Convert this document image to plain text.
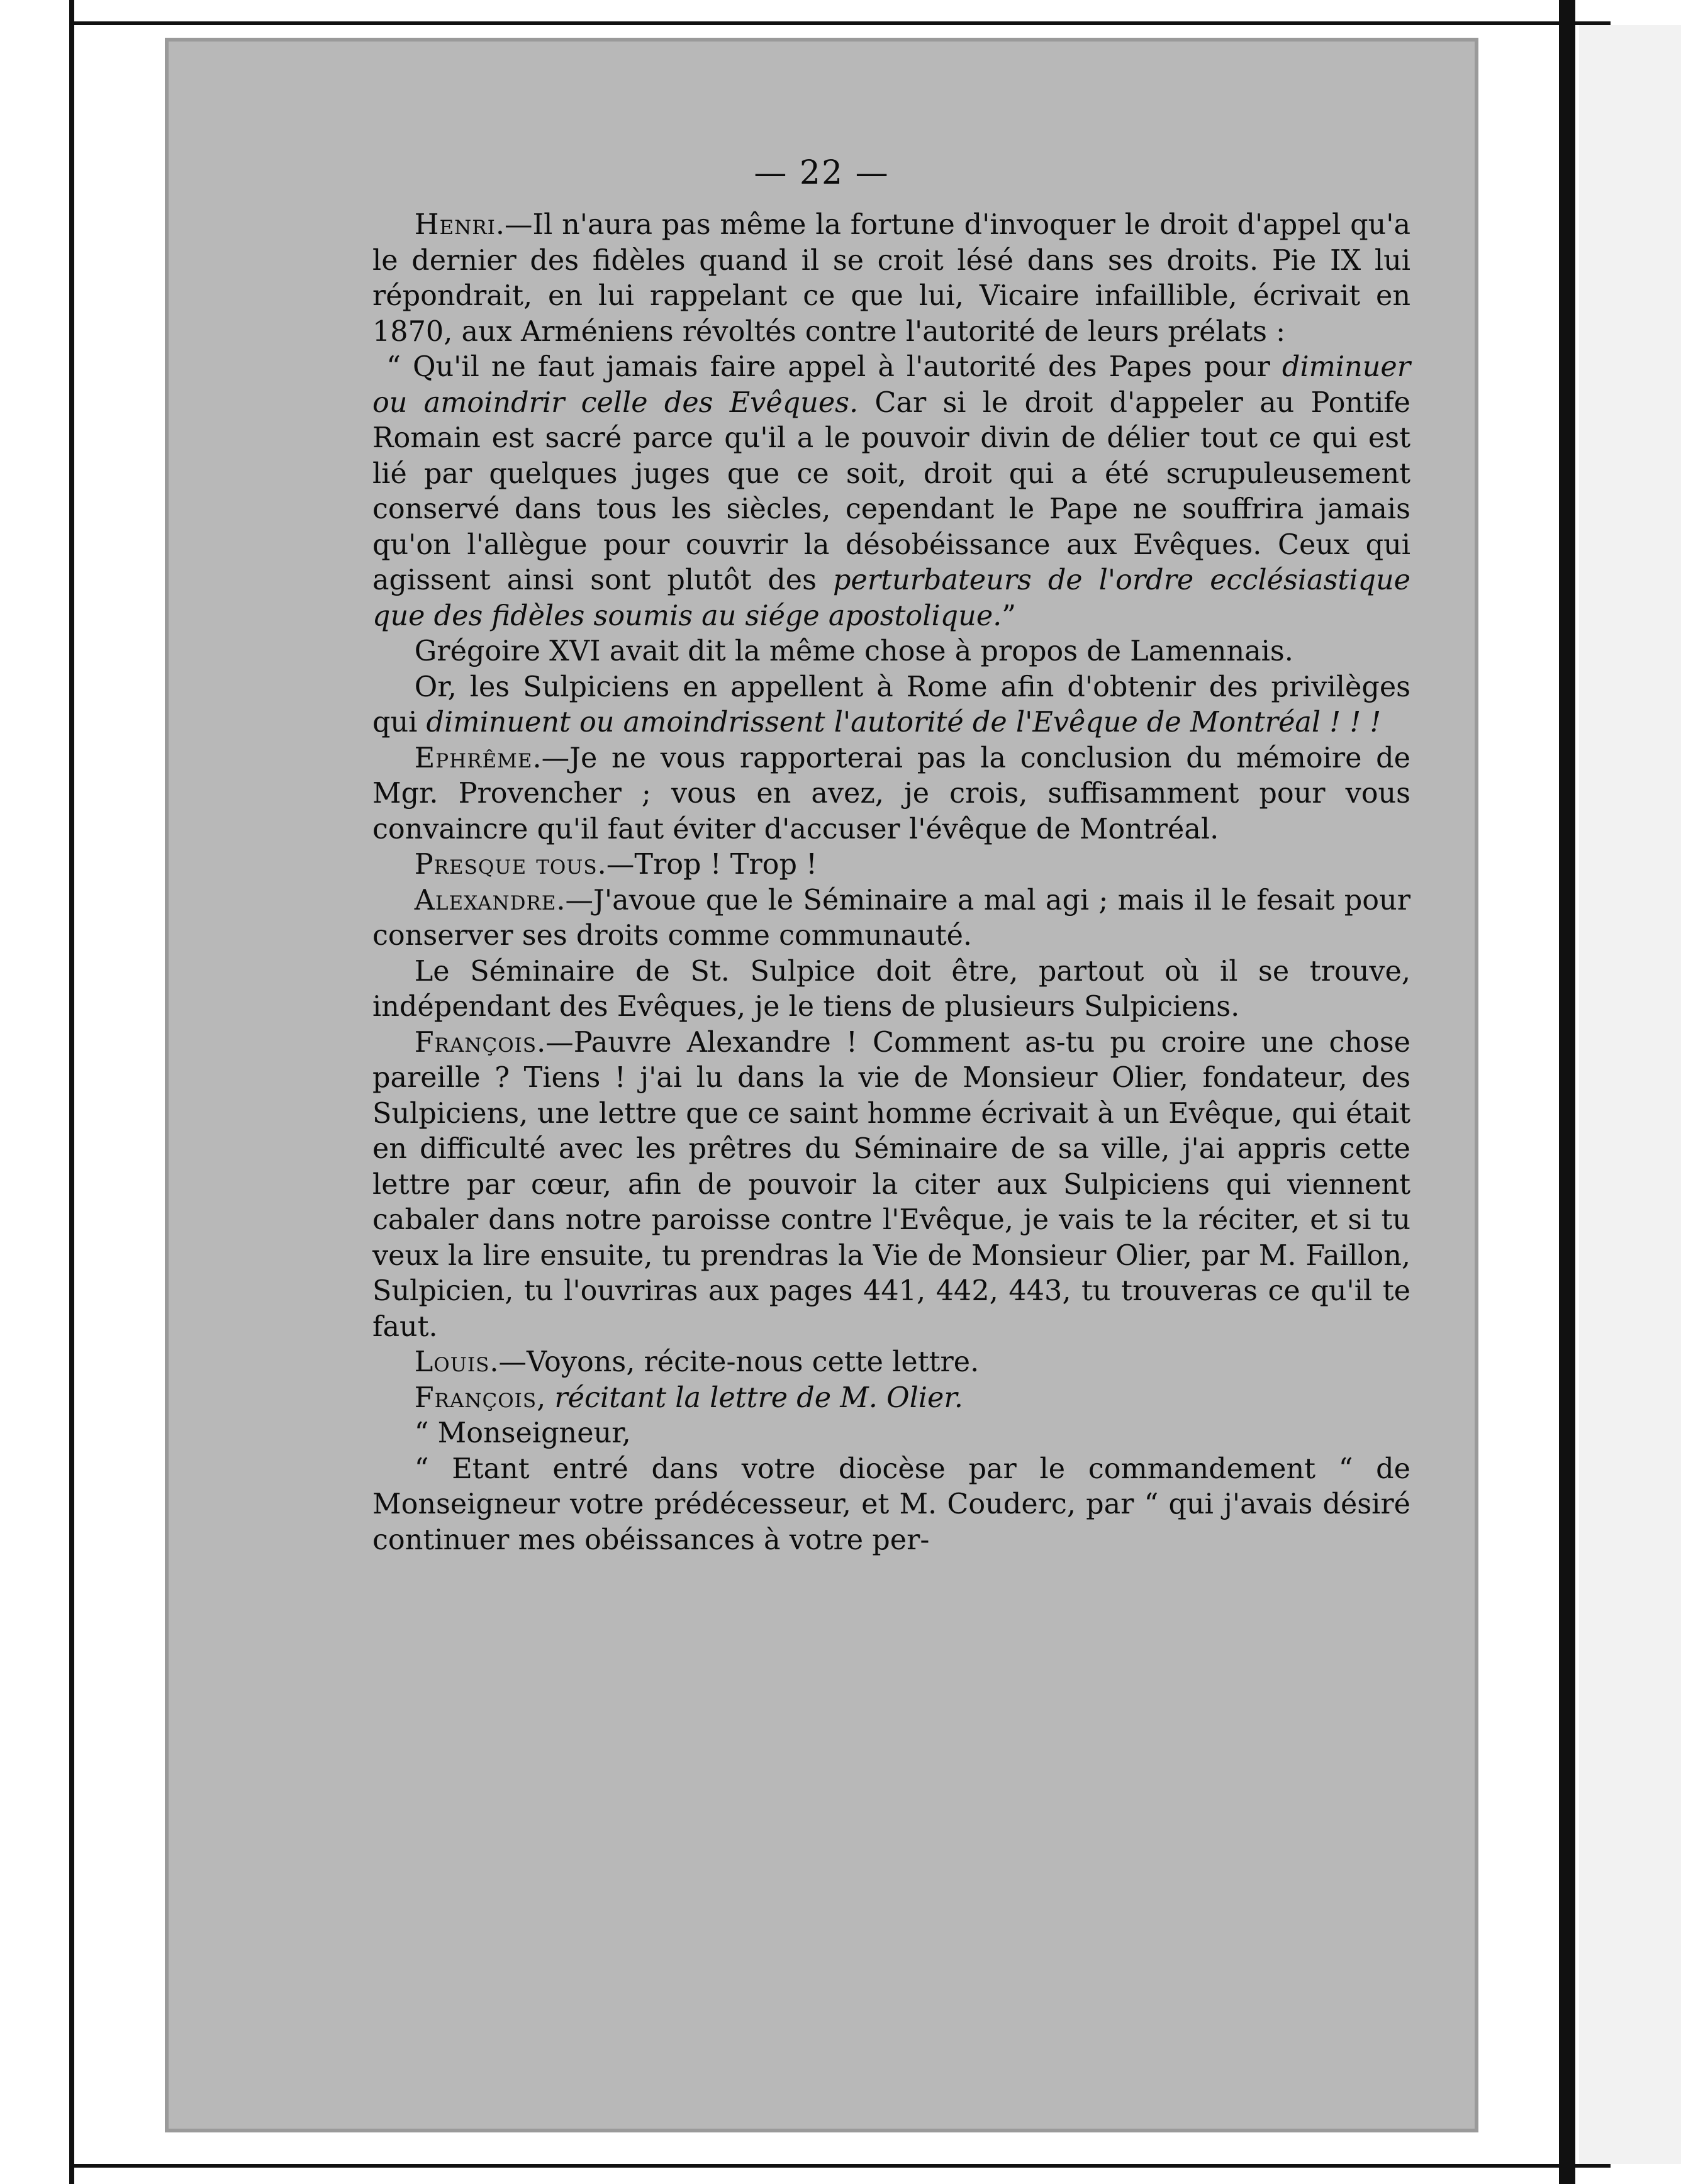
— 22 —

Henri.—Il n'aura pas même la fortune d'invoquer le droit d'appel qu'a le dernier des fidèles quand il se croit lésé dans ses droits. Pie IX lui répondrait, en lui rappelant ce que lui, Vicaire infaillible, écrivait en 1870, aux Arméniens révoltés contre l'autorité de leurs prélats :

“ Qu'il ne faut jamais faire appel à l'autorité des Papes pour diminuer ou amoindrir celle des Evêques. Car si le droit d'appeler au Pontife Romain est sacré parce qu'il a le pouvoir divin de délier tout ce qui est lié par quelques juges que ce soit, droit qui a été scrupuleusement conservé dans tous les siècles, cependant le Pape ne souffrira jamais qu'on l'allègue pour couvrir la désobéissance aux Evêques. Ceux qui agissent ainsi sont plutôt des perturbateurs de l'ordre ecclésiastique que des fidèles soumis au siége apostolique.”

Grégoire XVI avait dit la même chose à propos de Lamennais.

Or, les Sulpiciens en appellent à Rome afin d'obtenir des privilèges qui diminuent ou amoindrissent l'autorité de l'Evêque de Montréal ! ! !

Ephrême.—Je ne vous rapporterai pas la conclusion du mémoire de Mgr. Provencher ; vous en avez, je crois, suffisamment pour vous convaincre qu'il faut éviter d'accuser l'évêque de Montréal.

Presque tous.—Trop ! Trop !

Alexandre.—J'avoue que le Séminaire a mal agi ; mais il le fesait pour conserver ses droits comme communauté.

Le Séminaire de St. Sulpice doit être, partout où il se trouve, indépendant des Evêques, je le tiens de plusieurs Sulpiciens.

François.—Pauvre Alexandre ! Comment as-tu pu croire une chose pareille ? Tiens ! j'ai lu dans la vie de Monsieur Olier, fondateur, des Sulpiciens, une lettre que ce saint homme écrivait à un Evêque, qui était en difficulté avec les prêtres du Séminaire de sa ville, j'ai appris cette lettre par cœur, afin de pouvoir la citer aux Sulpiciens qui viennent cabaler dans notre paroisse contre l'Evêque, je vais te la réciter, et si tu veux la lire ensuite, tu prendras la Vie de Monsieur Olier, par M. Faillon, Sulpicien, tu l'ouvriras aux pages 441, 442, 443, tu trouveras ce qu'il te faut.

Louis.—Voyons, récite-nous cette lettre.

François, récitant la lettre de M. Olier.

“ Monseigneur,

“ Etant entré dans votre diocèse par le commandement “ de Monseigneur votre prédécesseur, et M. Couderc, par “ qui j'avais désiré continuer mes obéissances à votre per-
